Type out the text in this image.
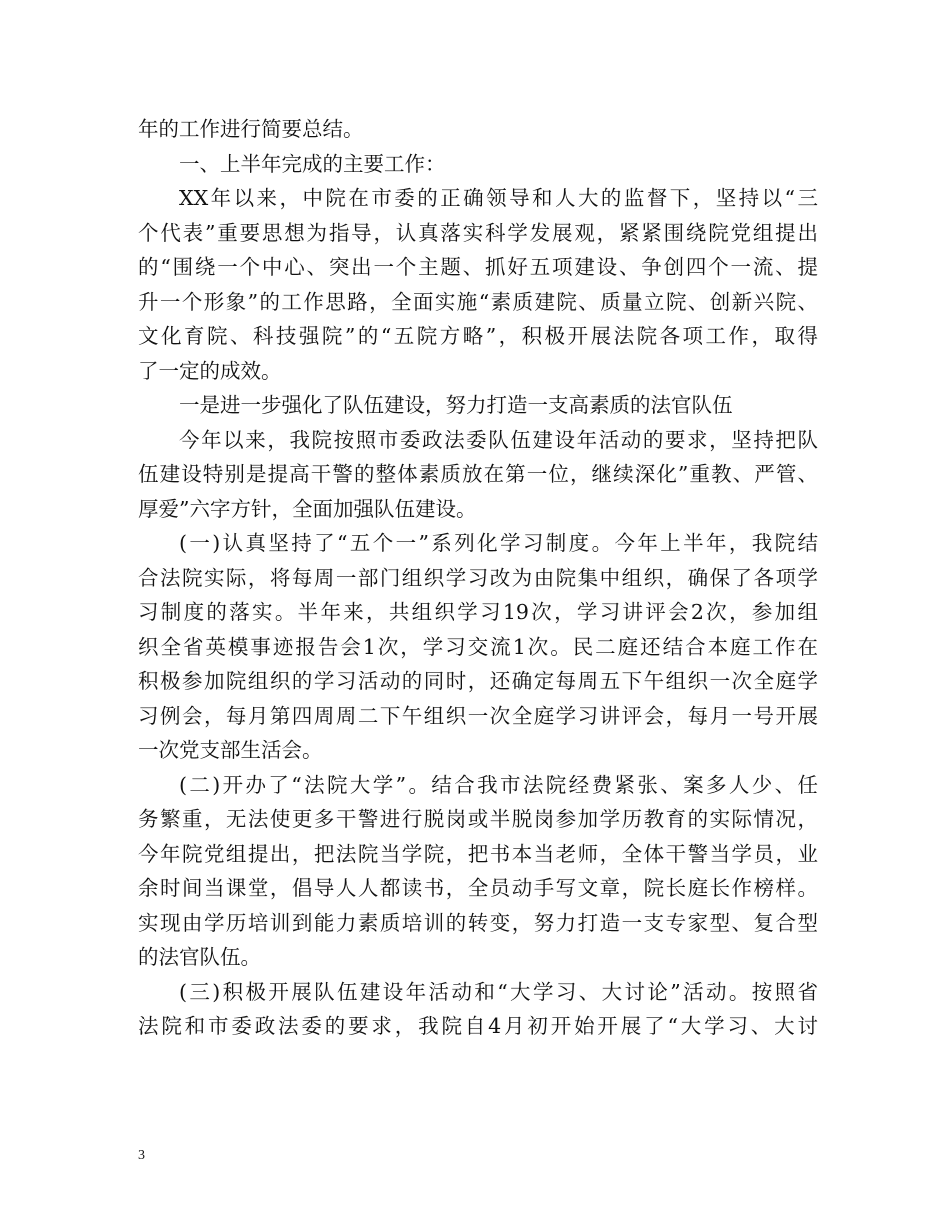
年的工作进行简要总结。
一、上半年完成的主要工作：
XX年以来，中院在市委的正确领导和人大的监督下，坚持以“三
个代表”重要思想为指导，认真落实科学发展观，紧紧围绕院党组提出
的“围绕一个中心、突出一个主题、抓好五项建设、争创四个一流、提
升一个形象”的工作思路，全面实施“素质建院、质量立院、创新兴院、
文化育院、科技强院”的“五院方略”，积极开展法院各项工作，取得
了一定的成效。
一是进一步强化了队伍建设，努力打造一支高素质的法官队伍
今年以来，我院按照市委政法委队伍建设年活动的要求，坚持把队
伍建设特别是提高干警的整体素质放在第一位，继续深化”重教、严管、
厚爱”六字方针，全面加强队伍建设。
(一)认真坚持了“五个一”系列化学习制度。今年上半年，我院结
合法院实际，将每周一部门组织学习改为由院集中组织，确保了各项学
习制度的落实。半年来，共组织学习19次，学习讲评会2次，参加组
织全省英模事迹报告会1次，学习交流1次。民二庭还结合本庭工作在
积极参加院组织的学习活动的同时，还确定每周五下午组织一次全庭学
习例会，每月第四周周二下午组织一次全庭学习讲评会，每月一号开展
一次党支部生活会。
(二)开办了“法院大学”。结合我市法院经费紧张、案多人少、任
务繁重，无法使更多干警进行脱岗或半脱岗参加学历教育的实际情况，
今年院党组提出，把法院当学院，把书本当老师，全体干警当学员，业
余时间当课堂，倡导人人都读书，全员动手写文章，院长庭长作榜样。
实现由学历培训到能力素质培训的转变，努力打造一支专家型、复合型
的法官队伍。
(三)积极开展队伍建设年活动和“大学习、大讨论”活动。按照省
法院和市委政法委的要求，我院自4月初开始开展了“大学习、大讨
3
